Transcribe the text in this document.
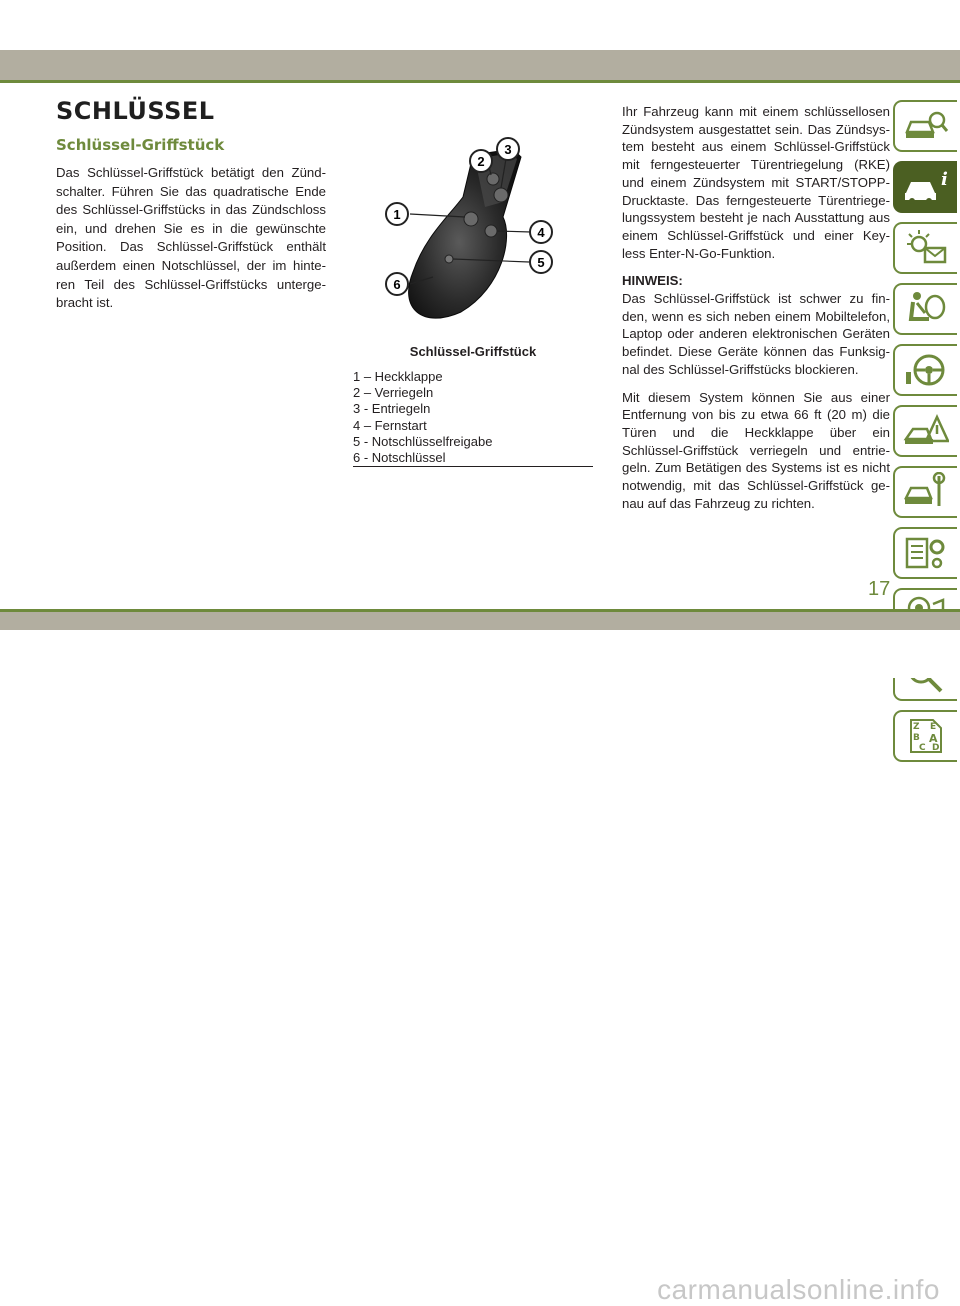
SCHLÜSSEL
Schlüssel-Griffstück
Das Schlüssel-Griffstück betätigt den Zünd-schalter. Führen Sie das quadratische Ende des Schlüssel-Griffstücks in das Zündschloss ein, und drehen Sie es in die gewünschte Position. Das Schlüssel-Griffstück enthält außerdem einen Notschlüssel, der im hinte-ren Teil des Schlüssel-Griffstücks unterge-bracht ist.
1
2
3
4
5
6
Schlüssel-Griffstück
1 – Heckklappe
2 – Verriegeln
3 - Entriegeln
4 – Fernstart
5 - Notschlüsselfreigabe
6 - Notschlüssel

Ihr Fahrzeug kann mit einem schlüssellosen Zündsystem ausgestattet sein. Das Zündsys-tem besteht aus einem Schlüssel-Griffstück mit ferngesteuerter Türentriegelung (RKE) und einem Zündsystem mit START/STOPP-Drucktaste. Das ferngesteuerte Türentriege-lungssystem besteht je nach Ausstattung aus einem Schlüssel-Griffstück und einer Key-less Enter-N-Go-Funktion.

HINWEIS:
Das Schlüssel-Griffstück ist schwer zu fin-den, wenn es sich neben einem Mobiltelefon, Laptop oder anderen elektronischen Geräten befindet. Diese Geräte können das Funksig-nal des Schlüssel-Griffstücks blockieren.

Mit diesem System können Sie aus einer Entfernung von bis zu etwa 66 ft (20 m) die Türen und die Heckklappe über ein Schlüssel-Griffstück verriegeln und entrie-geln. Zum Betätigen des Systems ist es nicht notwendig, mit das Schlüssel-Griffstück ge-nau auf das Fahrzeug zu richten.

i
Z E
B A
C D
17
carmanualsonline.info
